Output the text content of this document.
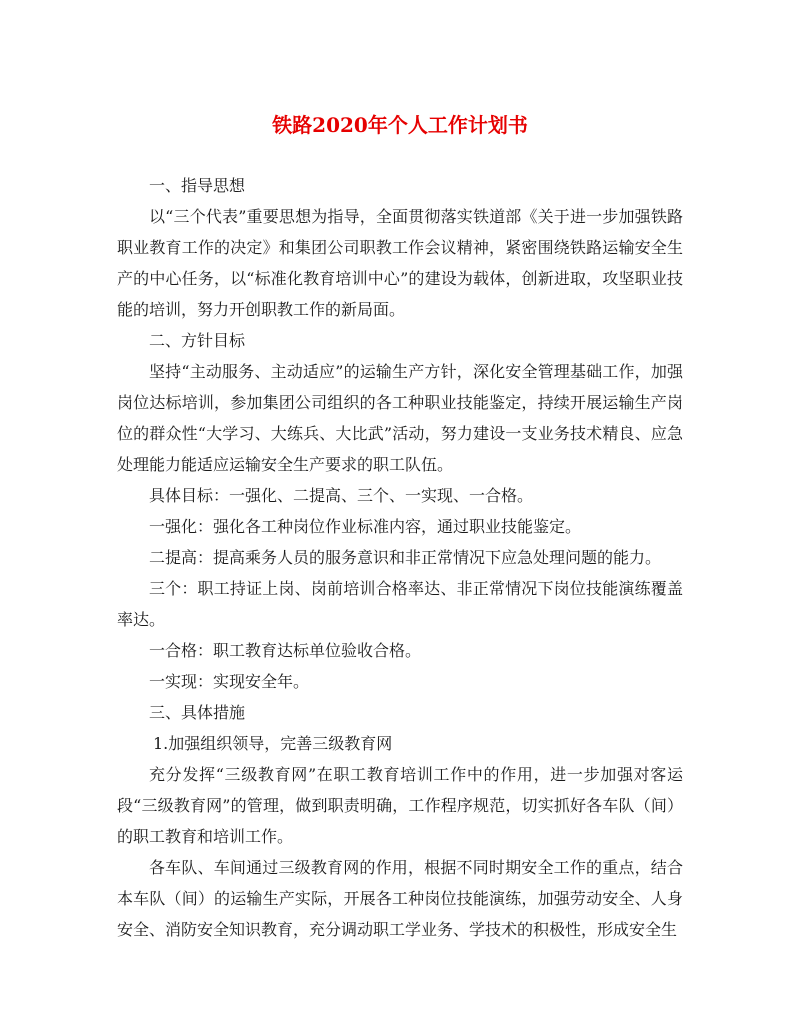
铁路2020年个人工作计划书

一、指导思想

以“三个代表”重要思想为指导，全面贯彻落实铁道部《关于进一步加强铁路职业教育工作的决定》和集团公司职教工作会议精神，紧密围绕铁路运输安全生产的中心任务，以“标准化教育培训中心”的建设为载体，创新进取，攻坚职业技能的培训，努力开创职教工作的新局面。

二、方针目标

坚持“主动服务、主动适应”的运输生产方针，深化安全管理基础工作，加强岗位达标培训，参加集团公司组织的各工种职业技能鉴定，持续开展运输生产岗位的群众性“大学习、大练兵、大比武”活动，努力建设一支业务技术精良、应急处理能力能适应运输安全生产要求的职工队伍。

具体目标：一强化、二提高、三个、一实现、一合格。

一强化：强化各工种岗位作业标准内容，通过职业技能鉴定。

二提高：提高乘务人员的服务意识和非正常情况下应急处理问题的能力。

三个：职工持证上岗、岗前培训合格率达、非正常情况下岗位技能演练覆盖率达。

一合格：职工教育达标单位验收合格。

一实现：实现安全年。

三、具体措施

1.加强组织领导，完善三级教育网

充分发挥“三级教育网”在职工教育培训工作中的作用，进一步加强对客运段“三级教育网”的管理，做到职责明确，工作程序规范，切实抓好各车队（间）的职工教育和培训工作。

各车队、车间通过三级教育网的作用，根据不同时期安全工作的重点，结合本车队（间）的运输生产实际，开展各工种岗位技能演练，加强劳动安全、人身安全、消防安全知识教育，充分调动职工学业务、学技术的积极性，形成安全生
